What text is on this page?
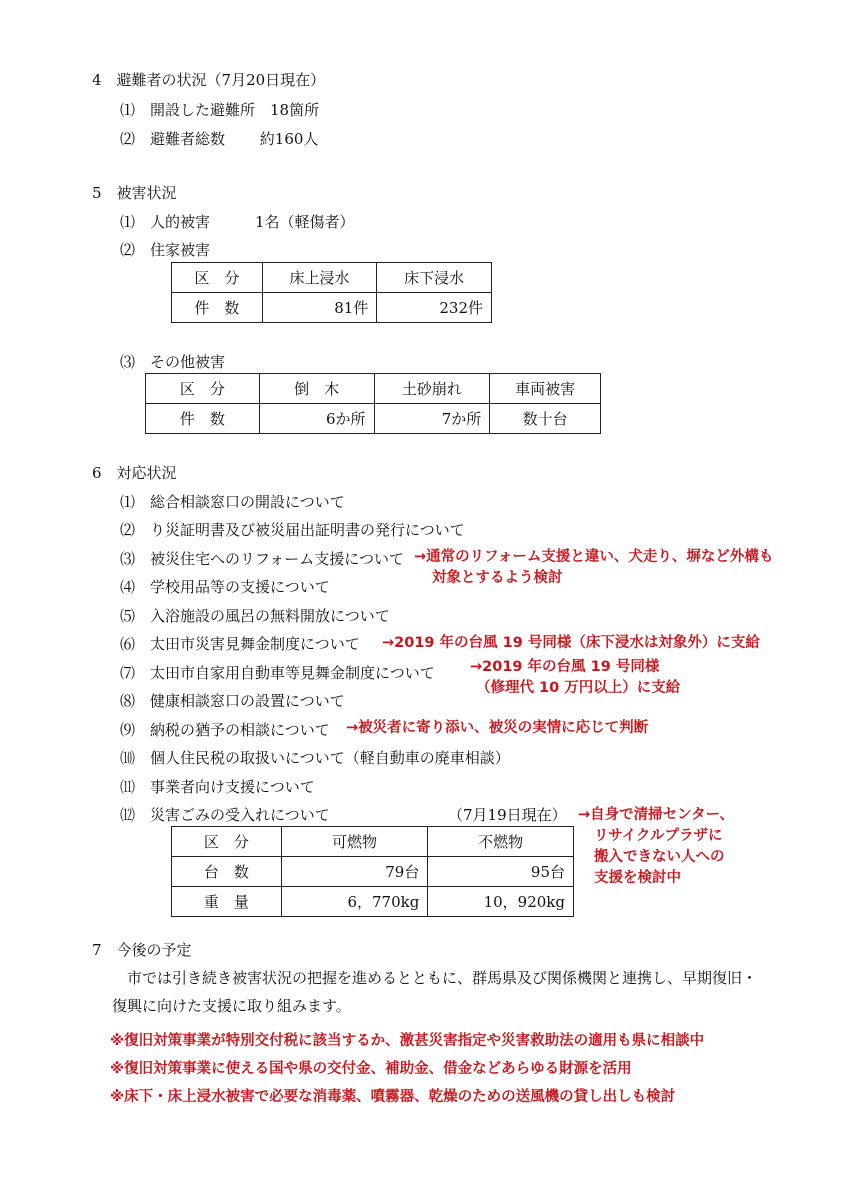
4　避難者の状況（7月20日現在）
⑴　開設した避難所　18箇所
⑵　避難者総数　　 約160人
5　被害状況
⑴　人的被害　　　1名（軽傷者）
⑵　住家被害
区　分	床上浸水	床下浸水
件　数	81件	232件
⑶　その他被害
区　分	倒　木	土砂崩れ	車両被害
件　数	6か所	7か所	数十台
6　対応状況
⑴　総合相談窓口の開設について
⑵　り災証明書及び被災届出証明書の発行について
⑶　被災住宅へのリフォーム支援について
⑷　学校用品等の支援について
⑸　入浴施設の風呂の無料開放について
⑹　太田市災害見舞金制度について
⑺　太田市自家用自動車等見舞金制度について
⑻　健康相談窓口の設置について
⑼　納税の猶予の相談について
⑽　個人住民税の取扱いについて（軽自動車の廃車相談）
⑾　事業者向け支援について
⑿　災害ごみの受入れについて	（7月19日現在）
→通常のリフォーム支援と違い、犬走り、塀など外構も
対象とするよう検討
→2019 年の台風 19 号同様（床下浸水は対象外）に支給
→2019 年の台風 19 号同様
（修理代 10 万円以上）に支給
→被災者に寄り添い、被災の実情に応じて判断
→自身で清掃センター、
リサイクルプラザに
搬入できない人への
支援を検討中
区　分	可燃物	不燃物
台　数	79台	95台
重　量	6，770kg	10，920kg
7　今後の予定
　市では引き続き被害状況の把握を進めるとともに、群馬県及び関係機関と連携し、早期復旧・
復興に向けた支援に取り組みます。
※復旧対策事業が特別交付税に該当するか、激甚災害指定や災害救助法の適用も県に相談中
※復旧対策事業に使える国や県の交付金、補助金、借金などあらゆる財源を活用
※床下・床上浸水被害で必要な消毒薬、噴霧器、乾燥のための送風機の貸し出しも検討
